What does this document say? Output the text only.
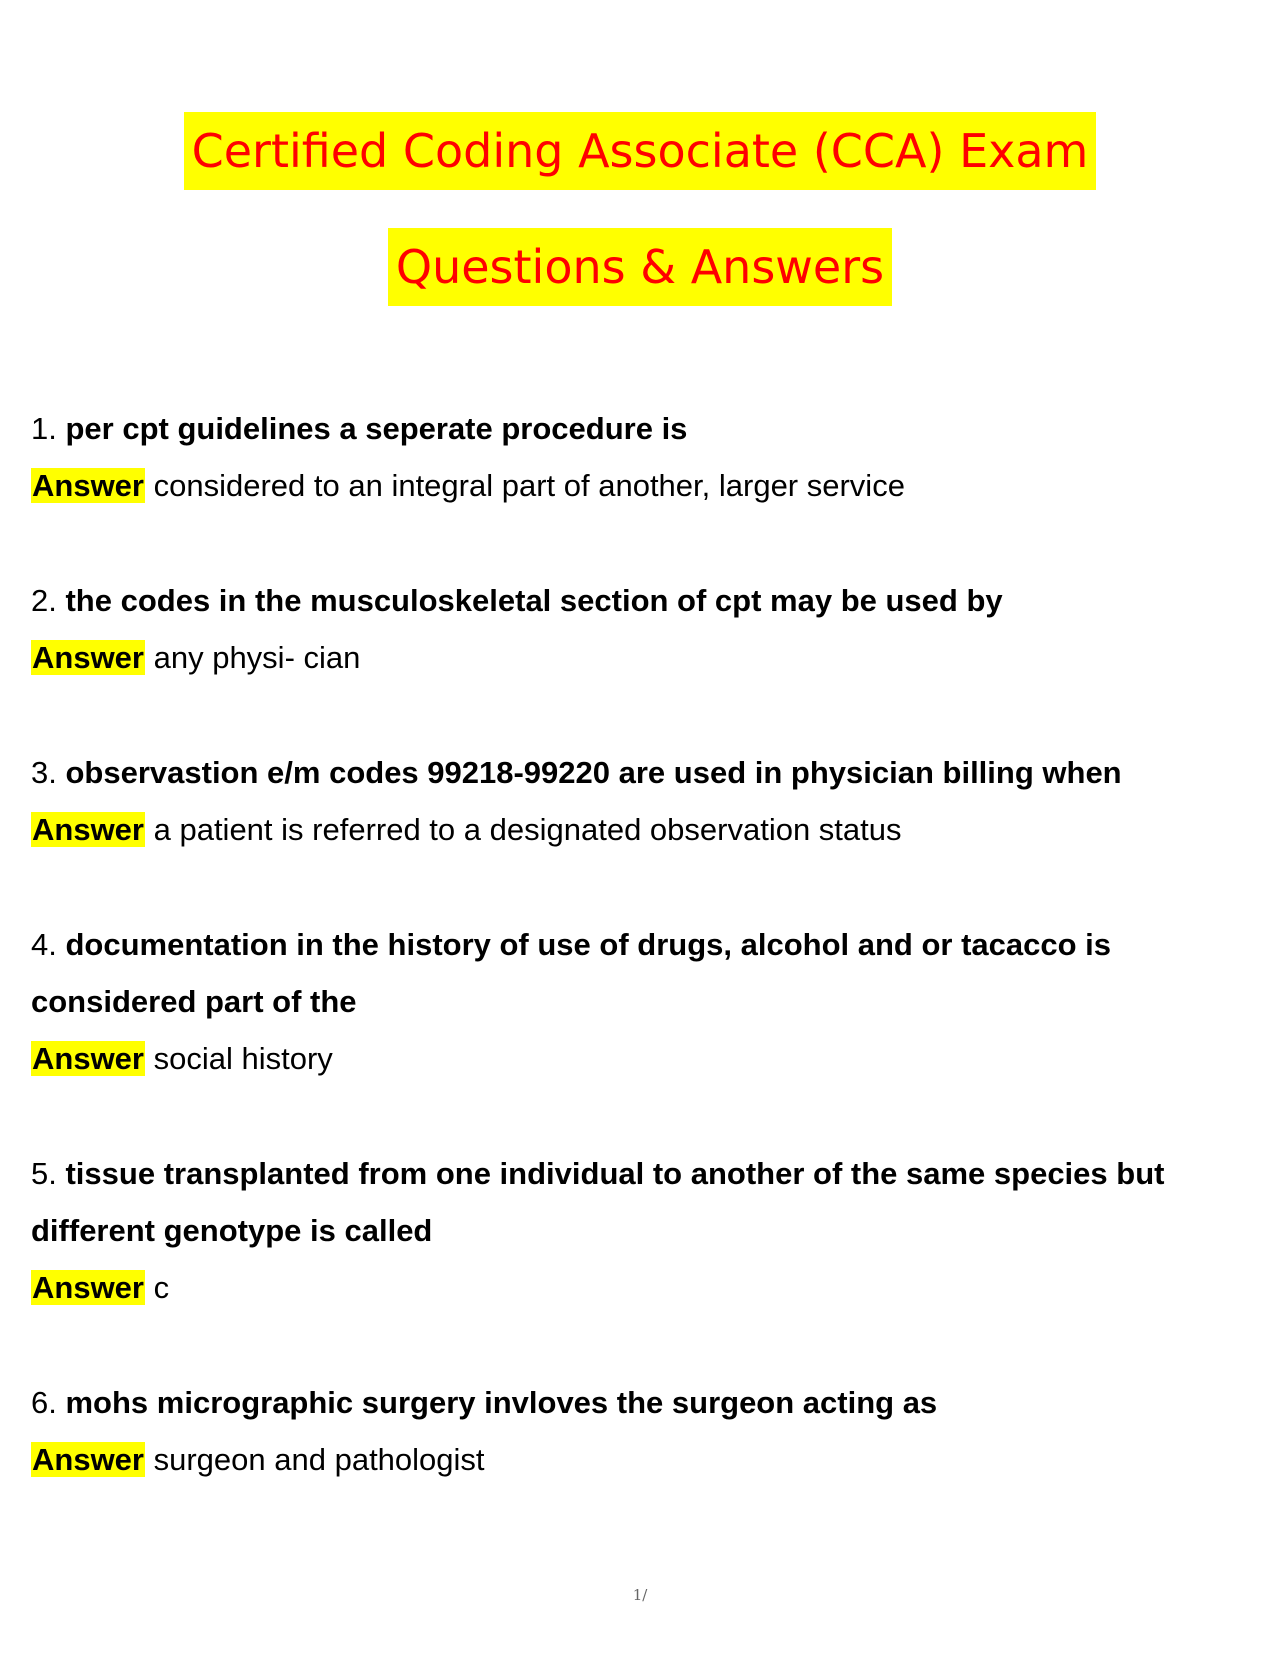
Certified Coding Associate (CCA) Exam
Questions & Answers

1. per cpt guidelines a seperate procedure is

Answer considered to an integral part of another, larger service

2. the codes in the musculoskeletal section of cpt may be used by

Answer any physi- cian

3. observastion e/m codes 99218-99220 are used in physician billing when

Answer a patient is referred to a designated observation status

4. documentation in the history of use of drugs, alcohol and or tacacco is considered part of the

Answer social history

5. tissue transplanted from one individual to another of the same species but different genotype is called

Answer c

6. mohs micrographic surgery invloves the surgeon acting as

Answer surgeon and pathologist

1/
